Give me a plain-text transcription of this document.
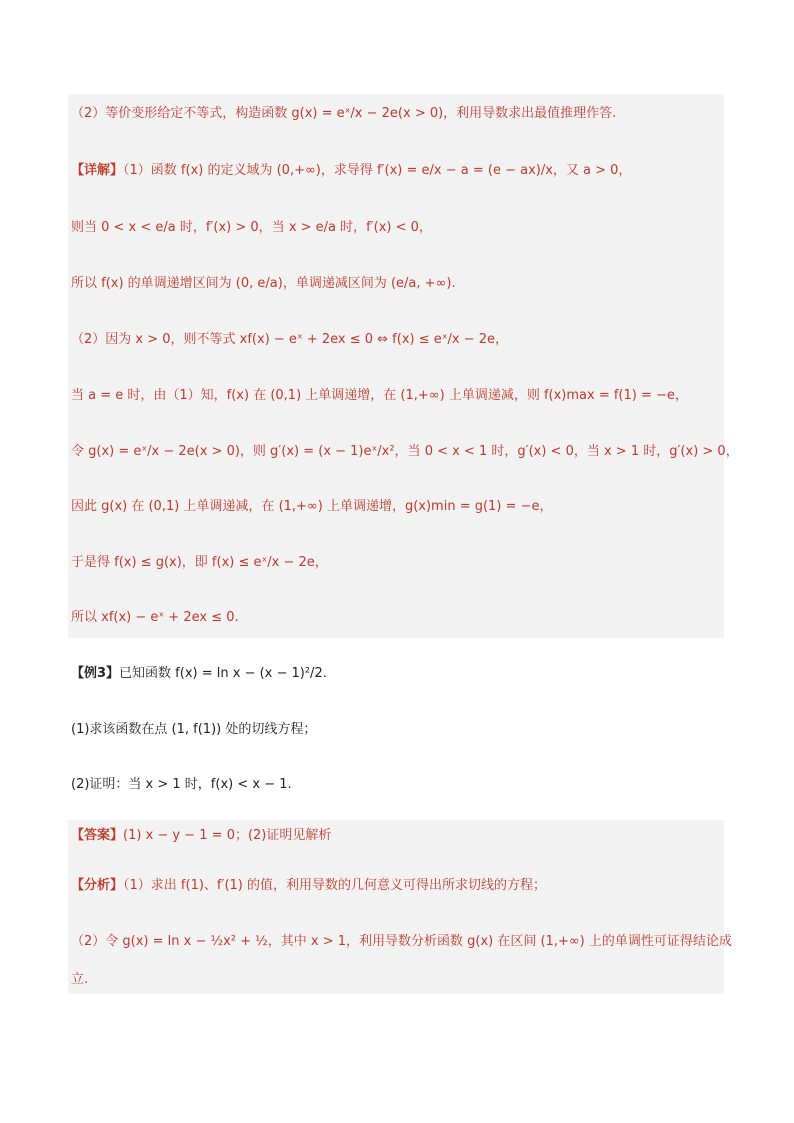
（2）等价变形给定不等式，构造函数 g(x) = eˣ/x − 2e(x > 0)，利用导数求出最值推理作答.
【详解】（1）函数 f(x) 的定义域为 (0,+∞)，求导得 f′(x) = e/x − a = (e − ax)/x，又 a > 0，
则当 0 < x < e/a 时，f′(x) > 0，当 x > e/a 时，f′(x) < 0，
所以 f(x) 的单调递增区间为 (0, e/a)，单调递减区间为 (e/a, +∞).
（2）因为 x > 0，则不等式 xf(x) − eˣ + 2ex ≤ 0 ⇔ f(x) ≤ eˣ/x − 2e，
当 a = e 时，由（1）知，f(x) 在 (0,1) 上单调递增，在 (1,+∞) 上单调递减，则 f(x)max = f(1) = −e，
令 g(x) = eˣ/x − 2e(x > 0)，则 g′(x) = (x − 1)eˣ/x²，当 0 < x < 1 时，g′(x) < 0，当 x > 1 时，g′(x) > 0，
因此 g(x) 在 (0,1) 上单调递减，在 (1,+∞) 上单调递增，g(x)min = g(1) = −e，
于是得 f(x) ≤ g(x)，即 f(x) ≤ eˣ/x − 2e，
所以 xf(x) − eˣ + 2ex ≤ 0.
【例3】已知函数 f(x) = ln x − (x − 1)²/2.
(1)求该函数在点 (1, f(1)) 处的切线方程；
(2)证明：当 x > 1 时，f(x) < x − 1.
【答案】(1) x − y − 1 = 0；(2)证明见解析
【分析】（1）求出 f(1)、f′(1) 的值，利用导数的几何意义可得出所求切线的方程；
（2）令 g(x) = ln x − ½x² + ½，其中 x > 1，利用导数分析函数 g(x) 在区间 (1,+∞) 上的单调性可证得结论成
立.
